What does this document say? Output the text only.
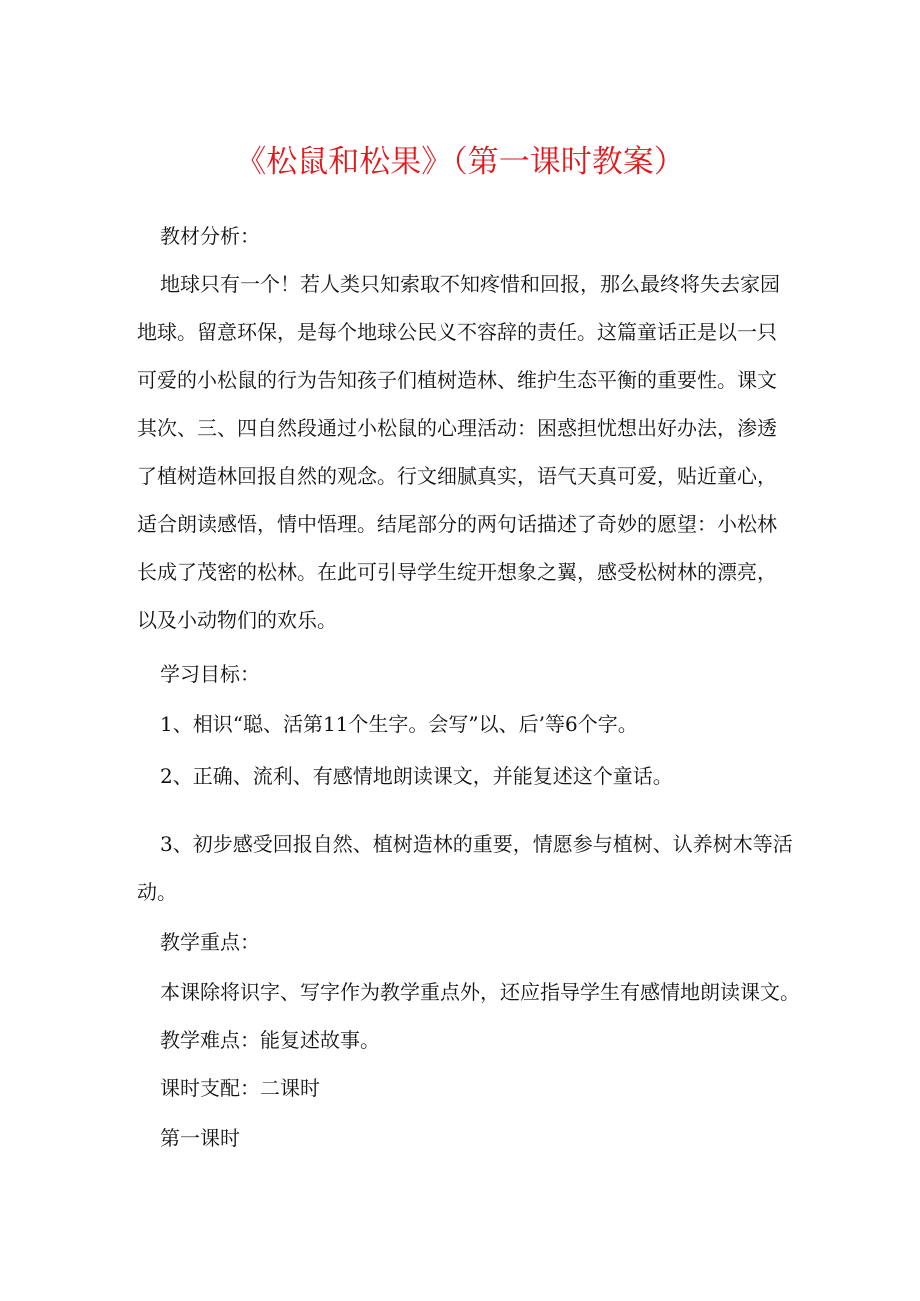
《松鼠和松果》（第一课时教案）
教材分析：
地球只有一个！若人类只知索取不知疼惜和回报，那么最终将失去家园
地球。留意环保，是每个地球公民义不容辞的责任。这篇童话正是以一只
可爱的小松鼠的行为告知孩子们植树造林、维护生态平衡的重要性。课文
其次、三、四自然段通过小松鼠的心理活动：困惑担忧想出好办法，渗透
了植树造林回报自然的观念。行文细腻真实，语气天真可爱，贴近童心，
适合朗读感悟，情中悟理。结尾部分的两句话描述了奇妙的愿望：小松林
长成了茂密的松林。在此可引导学生绽开想象之翼，感受松树林的漂亮，
以及小动物们的欢乐。
学习目标：
1、相识“聪、活第11个生字。会写”以、后’等6个字。
2、正确、流利、有感情地朗读课文，并能复述这个童话。
3、初步感受回报自然、植树造林的重要，情愿参与植树、认养树木等活
动。
教学重点：
本课除将识字、写字作为教学重点外，还应指导学生有感情地朗读课文。
教学难点：能复述故事。
课时支配：二课时
第一课时
